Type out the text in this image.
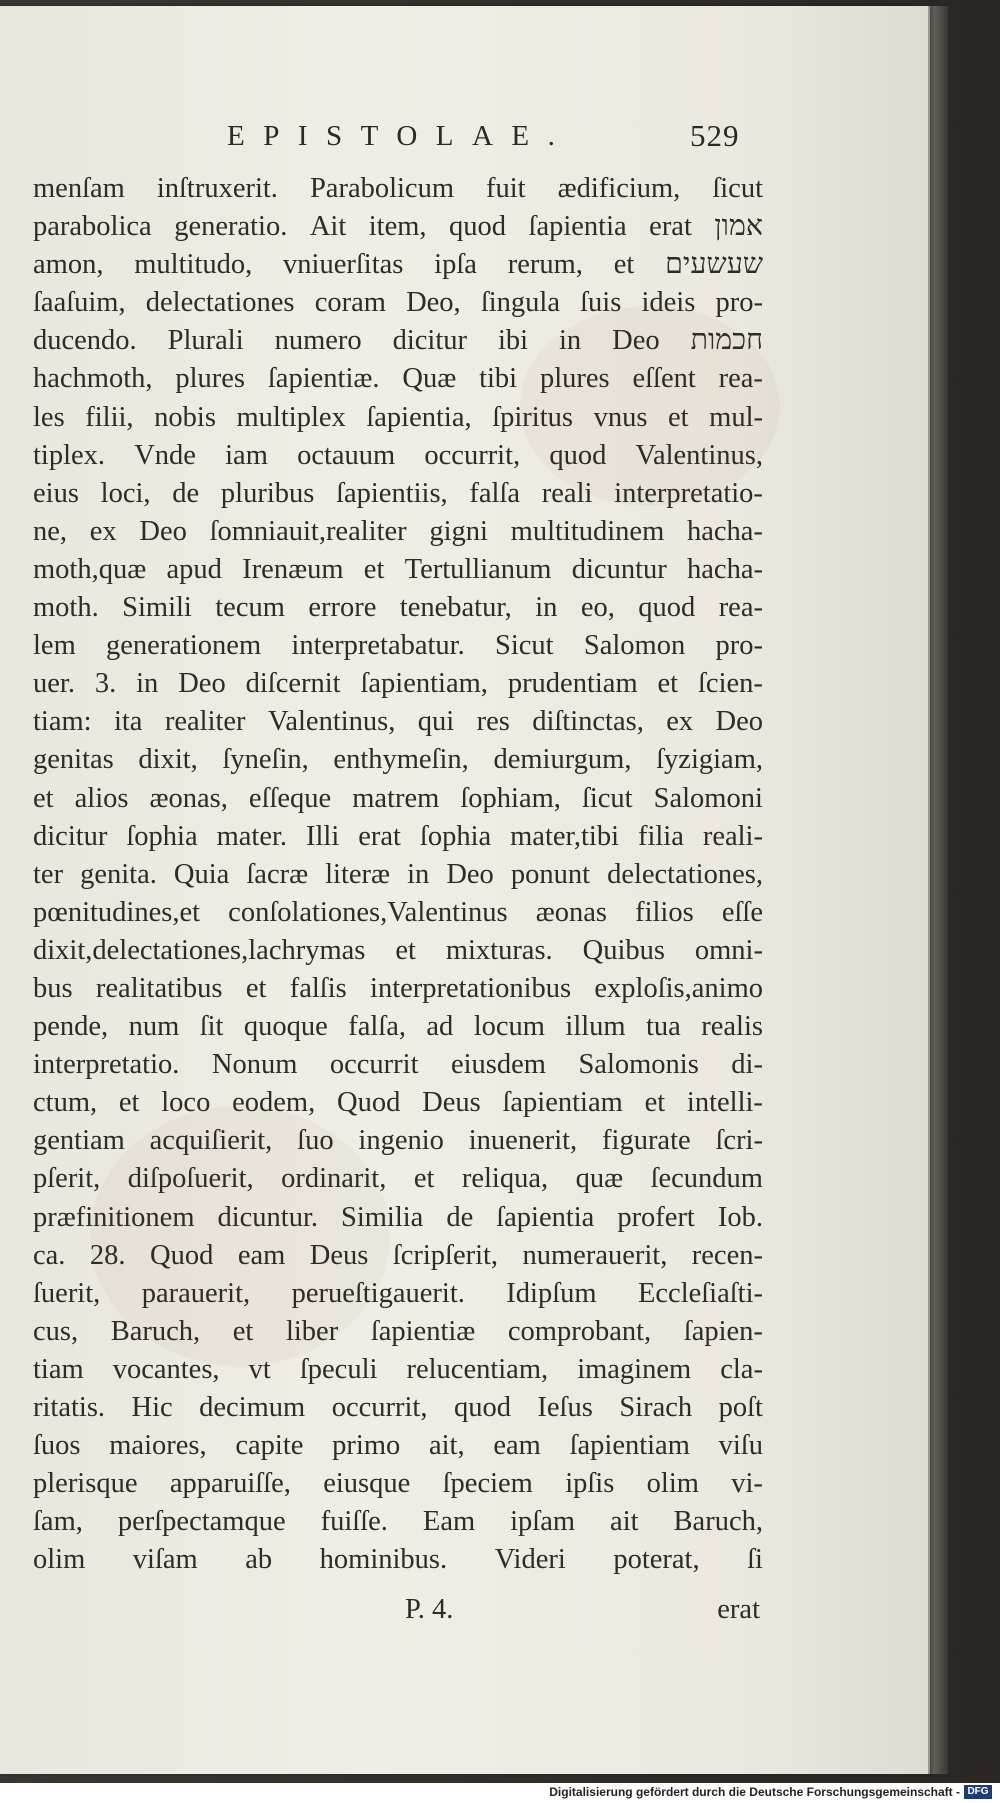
EPISTOLAE.	529
menſam inſtruxerit. Parabolicum fuit ædificium, ſicut
parabolica generatio. Ait item, quod ſapientia erat אמון
amon, multitudo, vniuerſitas ipſa rerum, et שעשעים
ſaaſuim, delectationes coram Deo, ſingula ſuis ideis pro-
ducendo. Plurali numero dicitur ibi in Deo חכמות
hachmoth, plures ſapientiæ. Quæ tibi plures eſſent rea-
les filii, nobis multiplex ſapientia, ſpiritus vnus et mul-
tiplex. Vnde iam octauum occurrit, quod Valentinus,
eius loci, de pluribus ſapientiis, falſa reali interpretatio-
ne, ex Deo ſomniauit,realiter gigni multitudinem hacha-
moth,quæ apud Irenæum et Tertullianum dicuntur hacha-
moth. Simili tecum errore tenebatur, in eo, quod rea-
lem generationem interpretabatur. Sicut Salomon pro-
uer. 3. in Deo diſcernit ſapientiam, prudentiam et ſcien-
tiam: ita realiter Valentinus, qui res diſtinctas, ex Deo
genitas dixit, ſyneſin, enthymeſin, demiurgum, ſyzigiam,
et alios æonas, eſſeque matrem ſophiam, ſicut Salomoni
dicitur ſophia mater. Illi erat ſophia mater,tibi filia reali-
ter genita. Quia ſacræ literæ in Deo ponunt delectationes,
pœnitudines,et conſolationes,Valentinus æonas filios eſſe
dixit,delectationes,lachrymas et mixturas. Quibus omni-
bus realitatibus et falſis interpretationibus exploſis,animo
pende, num ſit quoque falſa, ad locum illum tua realis
interpretatio. Nonum occurrit eiusdem Salomonis di-
ctum, et loco eodem, Quod Deus ſapientiam et intelli-
gentiam acquiſierit, ſuo ingenio inuenerit, figurate ſcri-
pſerit, diſpoſuerit, ordinarit, et reliqua, quæ ſecundum
præfinitionem dicuntur. Similia de ſapientia profert Iob.
ca. 28. Quod eam Deus ſcripſerit, numerauerit, recen-
ſuerit, parauerit, perueſtigauerit. Idipſum Eccleſiaſti-
cus, Baruch, et liber ſapientiæ comprobant, ſapien-
tiam vocantes, vt ſpeculi relucentiam, imaginem cla-
ritatis. Hic decimum occurrit, quod Ieſus Sirach poſt
ſuos maiores, capite primo ait, eam ſapientiam viſu
plerisque apparuiſſe, eiusque ſpeciem ipſis olim vi-
ſam, perſpectamque fuiſſe. Eam ipſam ait Baruch,
olim viſam ab hominibus. Videri poterat, ſi
P. 4.	erat
Digitalisierung gefördert durch die Deutsche Forschungsgemeinschaft - DFG
